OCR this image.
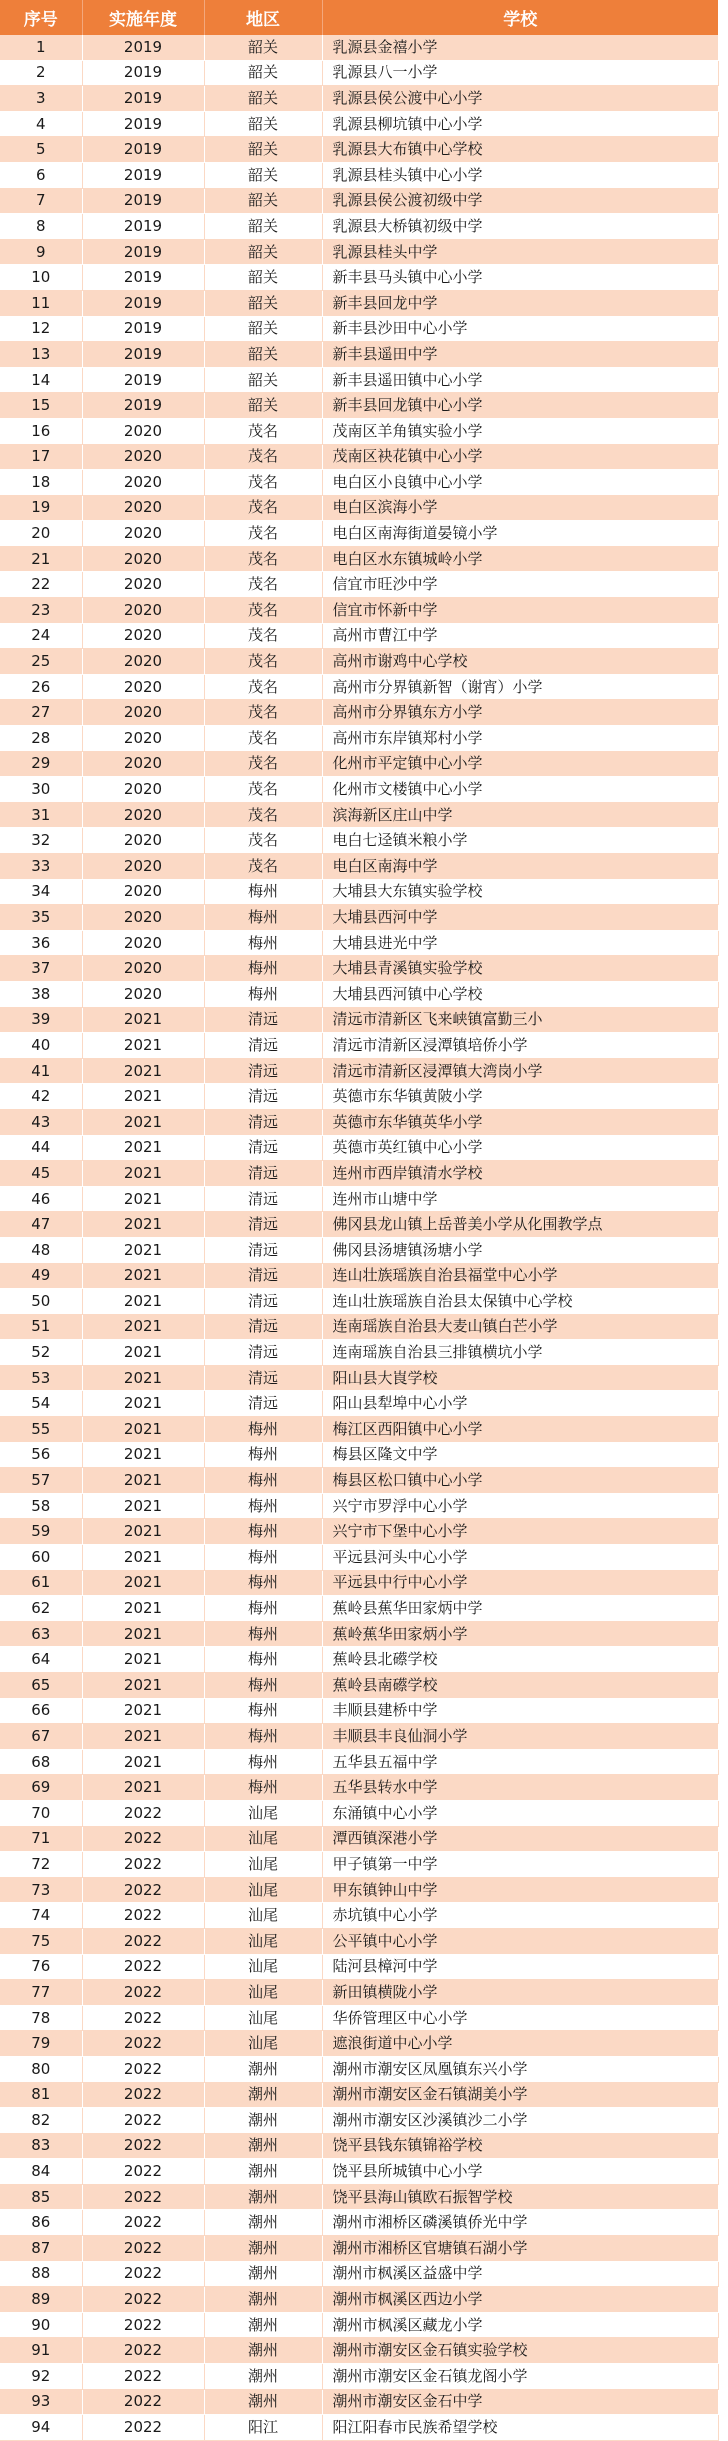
序号	实施年度	地区	学校
1	2019	韶关	乳源县金禧小学
2	2019	韶关	乳源县八一小学
3	2019	韶关	乳源县侯公渡中心小学
4	2019	韶关	乳源县柳坑镇中心小学
5	2019	韶关	乳源县大布镇中心学校
6	2019	韶关	乳源县桂头镇中心小学
7	2019	韶关	乳源县侯公渡初级中学
8	2019	韶关	乳源县大桥镇初级中学
9	2019	韶关	乳源县桂头中学
10	2019	韶关	新丰县马头镇中心小学
11	2019	韶关	新丰县回龙中学
12	2019	韶关	新丰县沙田中心小学
13	2019	韶关	新丰县遥田中学
14	2019	韶关	新丰县遥田镇中心小学
15	2019	韶关	新丰县回龙镇中心小学
16	2020	茂名	茂南区羊角镇实验小学
17	2020	茂名	茂南区袂花镇中心小学
18	2020	茂名	电白区小良镇中心小学
19	2020	茂名	电白区滨海小学
20	2020	茂名	电白区南海街道晏镜小学
21	2020	茂名	电白区水东镇城岭小学
22	2020	茂名	信宜市旺沙中学
23	2020	茂名	信宜市怀新中学
24	2020	茂名	高州市曹江中学
25	2020	茂名	高州市谢鸡中心学校
26	2020	茂名	高州市分界镇新智（谢宵）小学
27	2020	茂名	高州市分界镇东方小学
28	2020	茂名	高州市东岸镇郑村小学
29	2020	茂名	化州市平定镇中心小学
30	2020	茂名	化州市文楼镇中心小学
31	2020	茂名	滨海新区庄山中学
32	2020	茂名	电白七迳镇米粮小学
33	2020	茂名	电白区南海中学
34	2020	梅州	大埔县大东镇实验学校
35	2020	梅州	大埔县西河中学
36	2020	梅州	大埔县进光中学
37	2020	梅州	大埔县青溪镇实验学校
38	2020	梅州	大埔县西河镇中心学校
39	2021	清远	清远市清新区飞来峡镇富勤三小
40	2021	清远	清远市清新区浸潭镇培侨小学
41	2021	清远	清远市清新区浸潭镇大湾岗小学
42	2021	清远	英德市东华镇黄陂小学
43	2021	清远	英德市东华镇英华小学
44	2021	清远	英德市英红镇中心小学
45	2021	清远	连州市西岸镇清水学校
46	2021	清远	连州市山塘中学
47	2021	清远	佛冈县龙山镇上岳普美小学从化围教学点
48	2021	清远	佛冈县汤塘镇汤塘小学
49	2021	清远	连山壮族瑶族自治县福堂中心小学
50	2021	清远	连山壮族瑶族自治县太保镇中心学校
51	2021	清远	连南瑶族自治县大麦山镇白芒小学
52	2021	清远	连南瑶族自治县三排镇横坑小学
53	2021	清远	阳山县大崀学校
54	2021	清远	阳山县犁埠中心小学
55	2021	梅州	梅江区西阳镇中心小学
56	2021	梅州	梅县区隆文中学
57	2021	梅州	梅县区松口镇中心小学
58	2021	梅州	兴宁市罗浮中心小学
59	2021	梅州	兴宁市下堡中心小学
60	2021	梅州	平远县河头中心小学
61	2021	梅州	平远县中行中心小学
62	2021	梅州	蕉岭县蕉华田家炳中学
63	2021	梅州	蕉岭蕉华田家炳小学
64	2021	梅州	蕉岭县北礤学校
65	2021	梅州	蕉岭县南礤学校
66	2021	梅州	丰顺县建桥中学
67	2021	梅州	丰顺县丰良仙洞小学
68	2021	梅州	五华县五福中学
69	2021	梅州	五华县转水中学
70	2022	汕尾	东涌镇中心小学
71	2022	汕尾	潭西镇深港小学
72	2022	汕尾	甲子镇第一中学
73	2022	汕尾	甲东镇钟山中学
74	2022	汕尾	赤坑镇中心小学
75	2022	汕尾	公平镇中心小学
76	2022	汕尾	陆河县樟河中学
77	2022	汕尾	新田镇横陇小学
78	2022	汕尾	华侨管理区中心小学
79	2022	汕尾	遮浪街道中心小学
80	2022	潮州	潮州市潮安区凤凰镇东兴小学
81	2022	潮州	潮州市潮安区金石镇湖美小学
82	2022	潮州	潮州市潮安区沙溪镇沙二小学
83	2022	潮州	饶平县钱东镇锦裕学校
84	2022	潮州	饶平县所城镇中心小学
85	2022	潮州	饶平县海山镇欧石振智学校
86	2022	潮州	潮州市湘桥区磷溪镇侨光中学
87	2022	潮州	潮州市湘桥区官塘镇石湖小学
88	2022	潮州	潮州市枫溪区益盛中学
89	2022	潮州	潮州市枫溪区西边小学
90	2022	潮州	潮州市枫溪区藏龙小学
91	2022	潮州	潮州市潮安区金石镇实验学校
92	2022	潮州	潮州市潮安区金石镇龙阁小学
93	2022	潮州	潮州市潮安区金石中学
94	2022	阳江	阳江阳春市民族希望学校
